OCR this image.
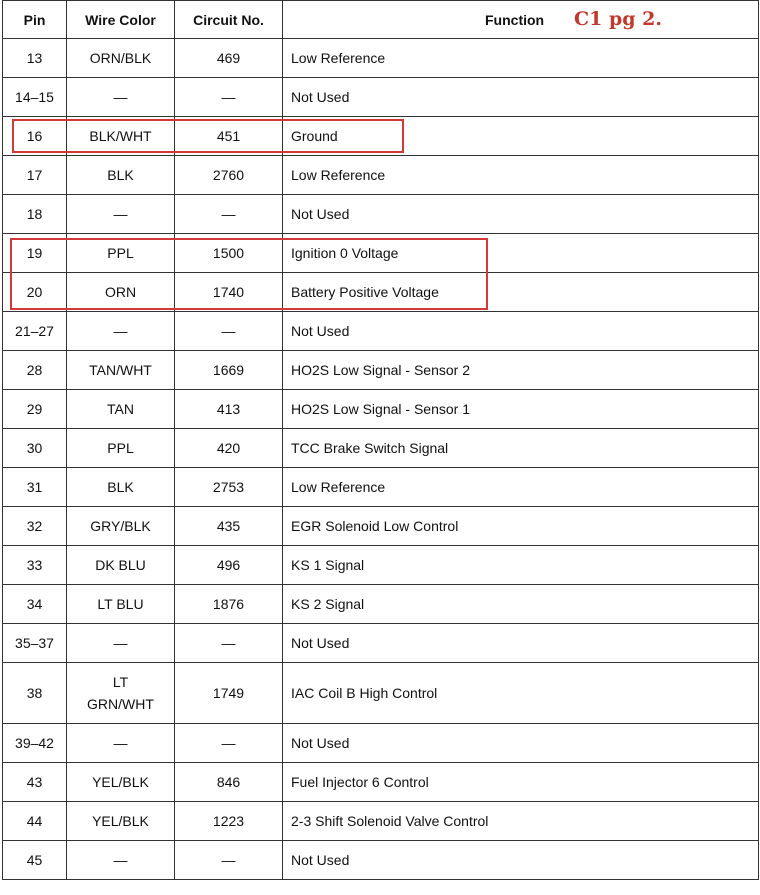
Pin	Wire Color	Circuit No.	Function C1 pg 2.

13	ORN/BLK	469	Low Reference
14–15	—	—	Not Used
16	BLK/WHT	451	Ground
17	BLK	2760	Low Reference
18	—	—	Not Used
19	PPL	1500	Ignition 0 Voltage
20	ORN	1740	Battery Positive Voltage
21–27	—	—	Not Used
28	TAN/WHT	1669	HO2S Low Signal - Sensor 2
29	TAN	413	HO2S Low Signal - Sensor 1
30	PPL	420	TCC Brake Switch Signal
31	BLK	2753	Low Reference
32	GRY/BLK	435	EGR Solenoid Low Control
33	DK BLU	496	KS 1 Signal
34	LT BLU	1876	KS 2 Signal
35–37	—	—	Not Used
38	LT
GRN/WHT	1749	IAC Coil B High Control
39–42	—	—	Not Used
43	YEL/BLK	846	Fuel Injector 6 Control
44	YEL/BLK	1223	2-3 Shift Solenoid Valve Control
45	—	—	Not Used
